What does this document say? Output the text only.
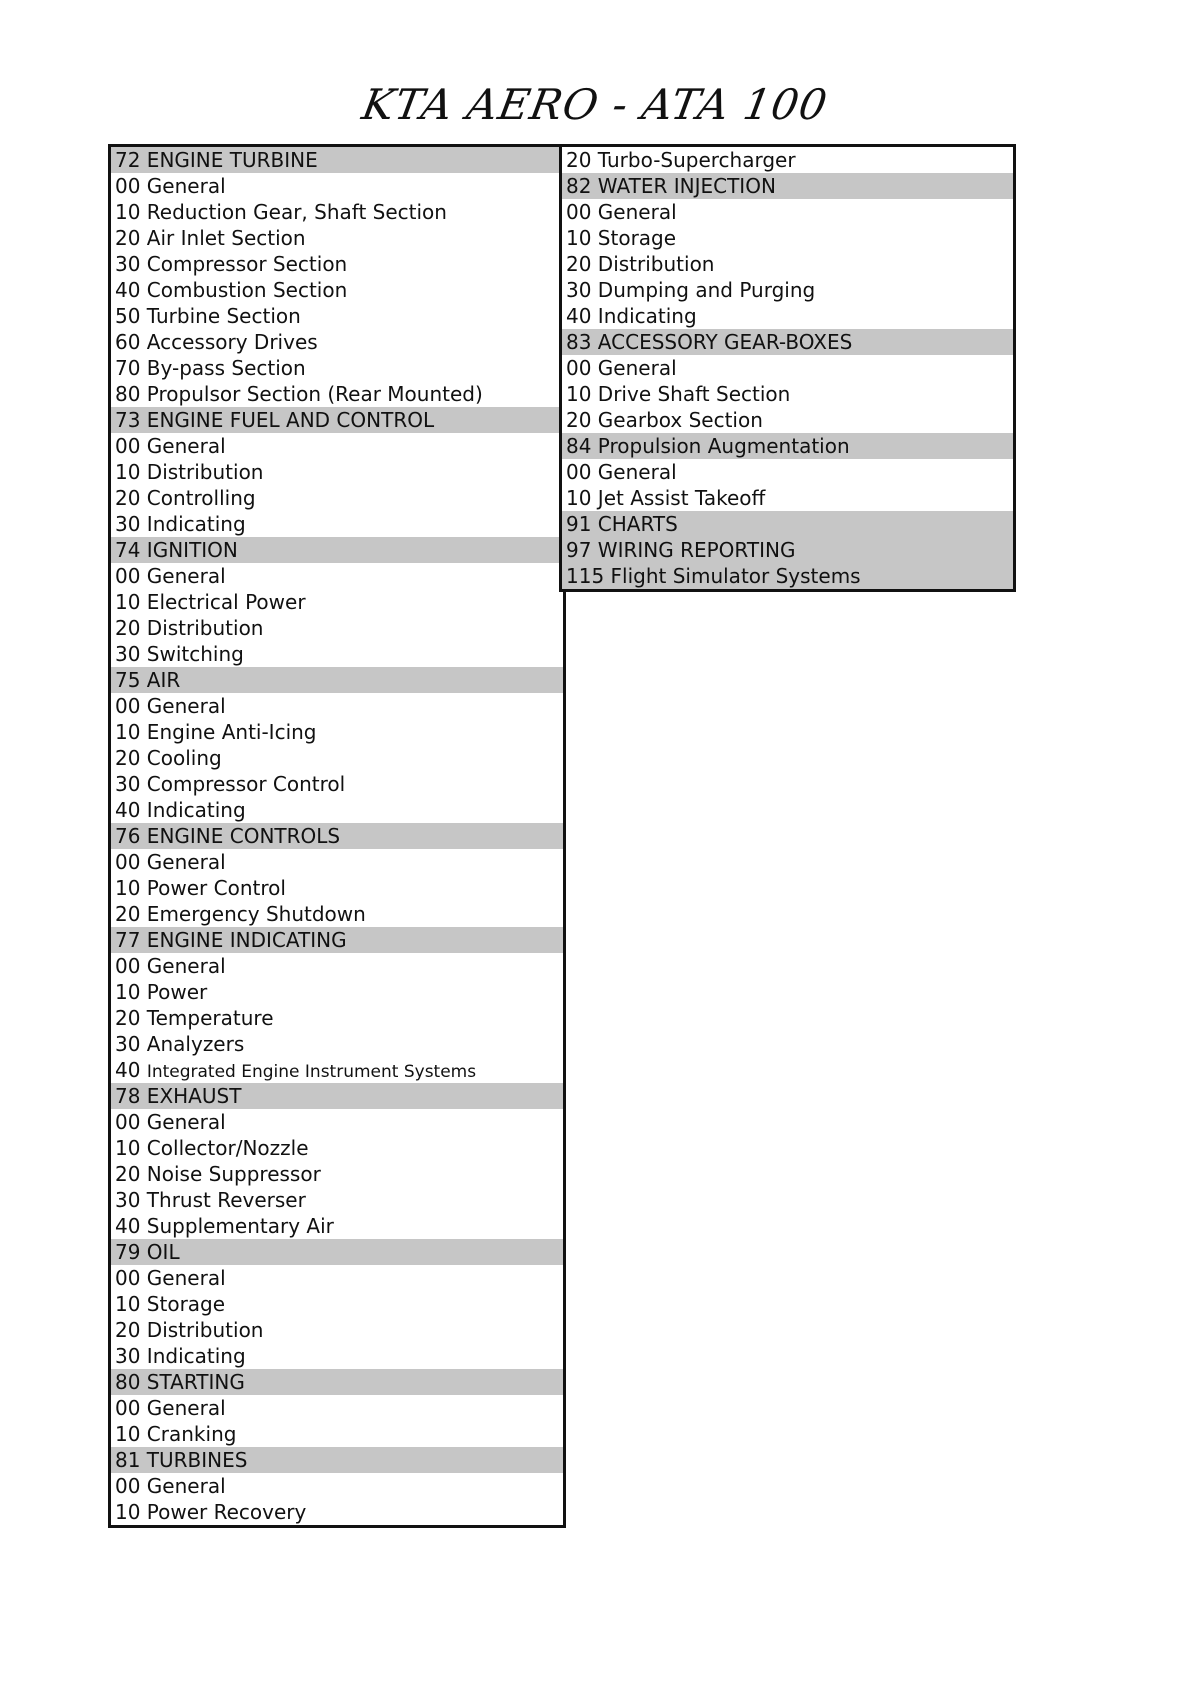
KTA AERO - ATA 100
72 ENGINE TURBINE
00 General
10 Reduction Gear, Shaft Section
20 Air Inlet Section
30 Compressor Section
40 Combustion Section
50 Turbine Section
60 Accessory Drives
70 By-pass Section
80 Propulsor Section (Rear Mounted)
73 ENGINE FUEL AND CONTROL
00 General
10 Distribution
20 Controlling
30 Indicating
74 IGNITION
00 General
10 Electrical Power
20 Distribution
30 Switching
75 AIR
00 General
10 Engine Anti-Icing
20 Cooling
30 Compressor Control
40 Indicating
76 ENGINE CONTROLS
00 General
10 Power Control
20 Emergency Shutdown
77 ENGINE INDICATING
00 General
10 Power
20 Temperature
30 Analyzers
40 Integrated Engine Instrument Systems
78 EXHAUST
00 General
10 Collector/Nozzle
20 Noise Suppressor
30 Thrust Reverser
40 Supplementary Air
79 OIL
00 General
10 Storage
20 Distribution
30 Indicating
80 STARTING
00 General
10 Cranking
81 TURBINES
00 General
10 Power Recovery
20 Turbo-Supercharger
82 WATER INJECTION
00 General
10 Storage
20 Distribution
30 Dumping and Purging
40 Indicating
83 ACCESSORY GEAR-BOXES
00 General
10 Drive Shaft Section
20 Gearbox Section
84 Propulsion Augmentation
00 General
10 Jet Assist Takeoff
91 CHARTS
97 WIRING REPORTING
115 Flight Simulator Systems
